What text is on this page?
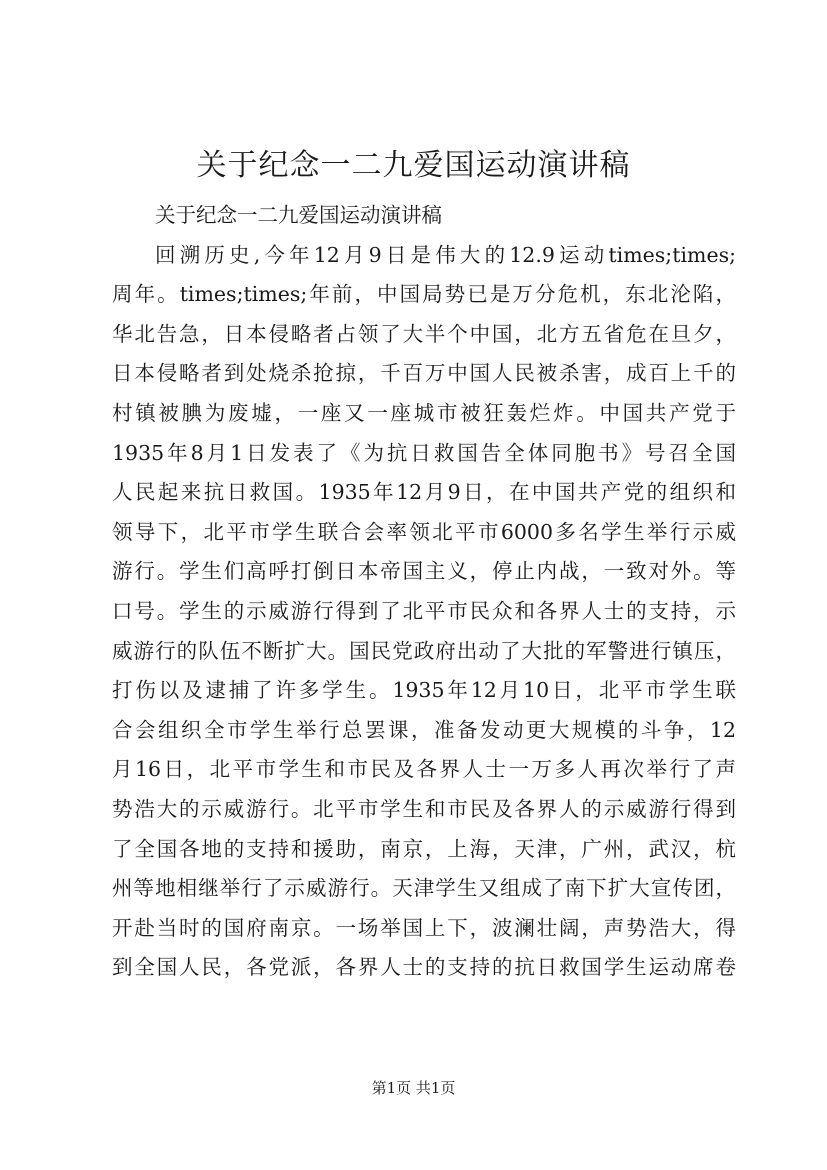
关于纪念一二九爱国运动演讲稿
关于纪念一二九爱国运动演讲稿
回溯历史,今年12月9日是伟大的12.9运动times;times;
周年。times;times;年前，中国局势已是万分危机，东北沦陷，
华北告急，日本侵略者占领了大半个中国，北方五省危在旦夕，
日本侵略者到处烧杀抢掠，千百万中国人民被杀害，成百上千的
村镇被腆为废墟，一座又一座城市被狂轰烂炸。中国共产党于
1935年8月1日发表了《为抗日救国告全体同胞书》号召全国
人民起来抗日救国。1935年12月9日，在中国共产党的组织和
领导下，北平市学生联合会率领北平市6000多名学生举行示威
游行。学生们高呼打倒日本帝国主义，停止内战，一致对外。等
口号。学生的示威游行得到了北平市民众和各界人士的支持，示
威游行的队伍不断扩大。国民党政府出动了大批的军警进行镇压，
打伤以及逮捕了许多学生。1935年12月10日，北平市学生联
合会组织全市学生举行总罢课，准备发动更大规模的斗争，12
月16日，北平市学生和市民及各界人士一万多人再次举行了声
势浩大的示威游行。北平市学生和市民及各界人的示威游行得到
了全国各地的支持和援助，南京，上海，天津，广州，武汉，杭
州等地相继举行了示威游行。天津学生又组成了南下扩大宣传团，
开赴当时的国府南京。一场举国上下，波澜壮阔，声势浩大，得
到全国人民，各党派，各界人士的支持的抗日救国学生运动席卷
第1页 共1页
